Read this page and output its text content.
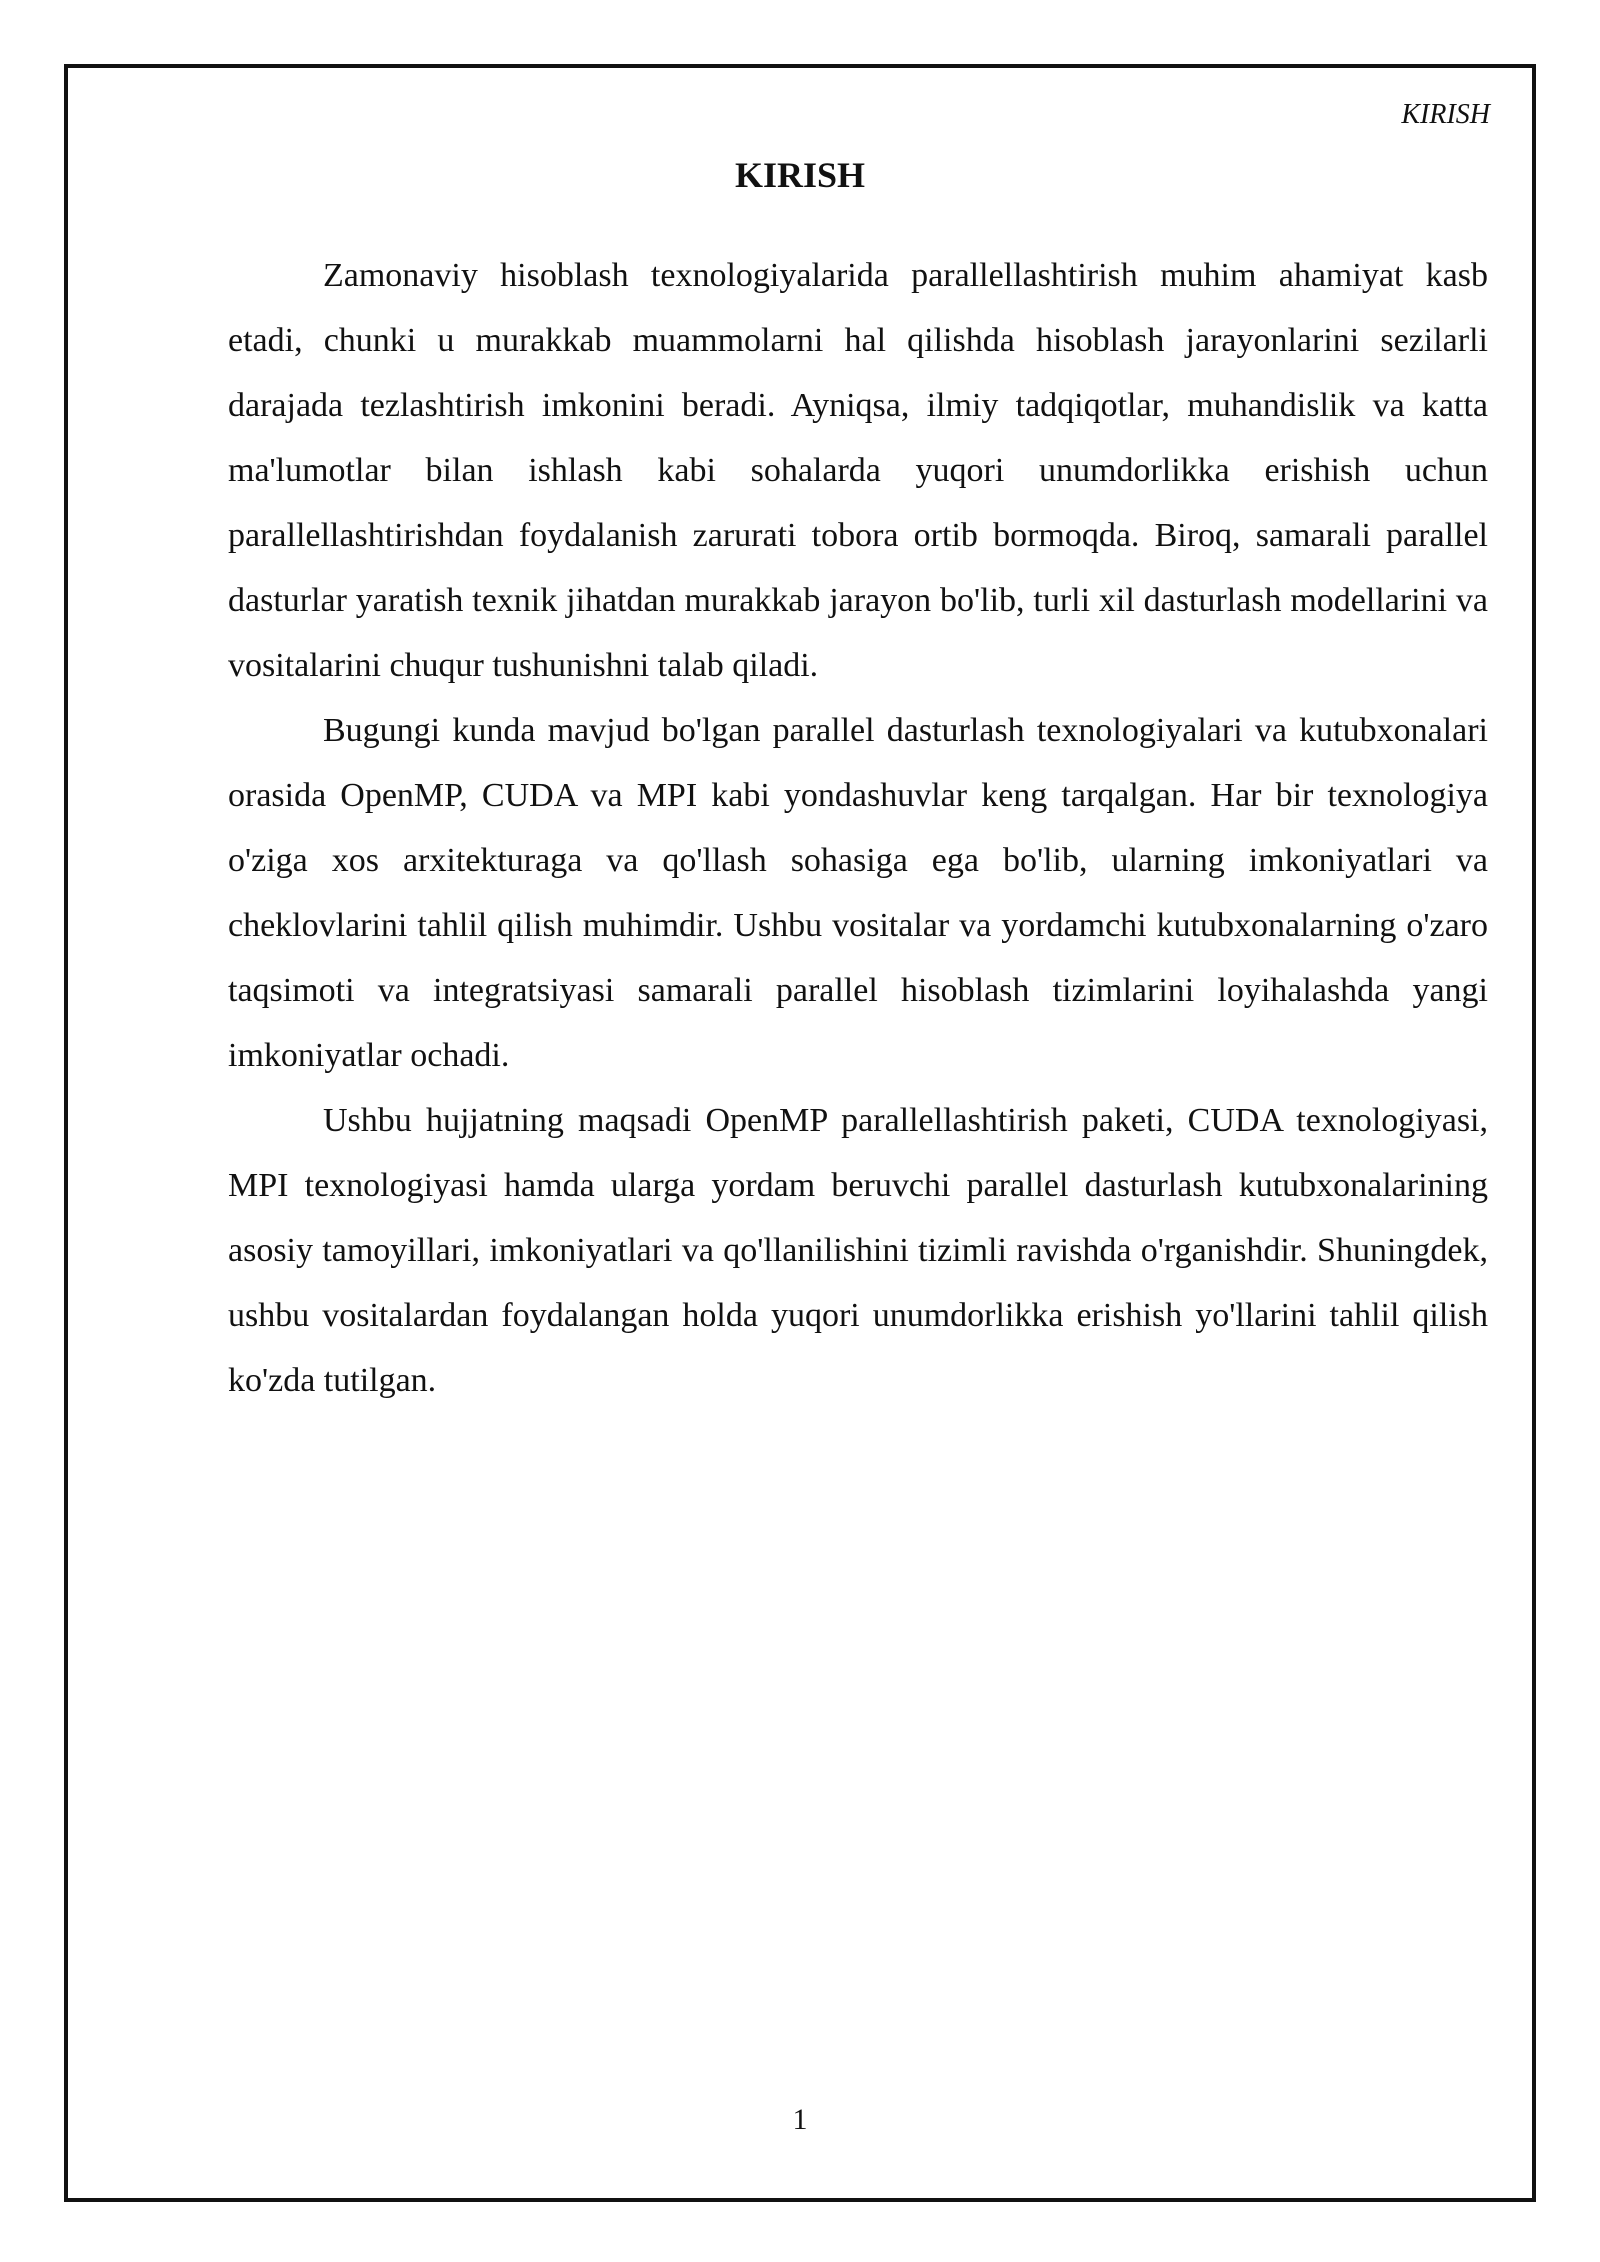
KIRISH
KIRISH

Zamonaviy hisoblash texnologiyalarida parallellashtirish muhim ahamiyat kasb etadi, chunki u murakkab muammolarni hal qilishda hisoblash jarayonlarini sezilarli darajada tezlashtirish imkonini beradi. Ayniqsa, ilmiy tadqiqotlar, muhandislik va katta ma'lumotlar bilan ishlash kabi sohalarda yuqori unumdorlikka erishish uchun parallellashtirishdan foydalanish zarurati tobora ortib bormoqda. Biroq, samarali parallel dasturlar yaratish texnik jihatdan murakkab jarayon bo'lib, turli xil dasturlash modellarini va vositalarini chuqur tushunishni talab qiladi.

Bugungi kunda mavjud bo'lgan parallel dasturlash texnologiyalari va kutubxonalari orasida OpenMP, CUDA va MPI kabi yondashuvlar keng tarqalgan. Har bir texnologiya o'ziga xos arxitekturaga va qo'llash sohasiga ega bo'lib, ularning imkoniyatlari va cheklovlarini tahlil qilish muhimdir. Ushbu vositalar va yordamchi kutubxonalarning o'zaro taqsimoti va integratsiyasi samarali parallel hisoblash tizimlarini loyihalashda yangi imkoniyatlar ochadi.

Ushbu hujjatning maqsadi OpenMP parallellashtirish paketi, CUDA texnologiyasi, MPI texnologiyasi hamda ularga yordam beruvchi parallel dasturlash kutubxonalarining asosiy tamoyillari, imkoniyatlari va qo'llanilishini tizimli ravishda o'rganishdir. Shuningdek, ushbu vositalardan foydalangan holda yuqori unumdorlikka erishish yo'llarini tahlil qilish ko'zda tutilgan.

1
